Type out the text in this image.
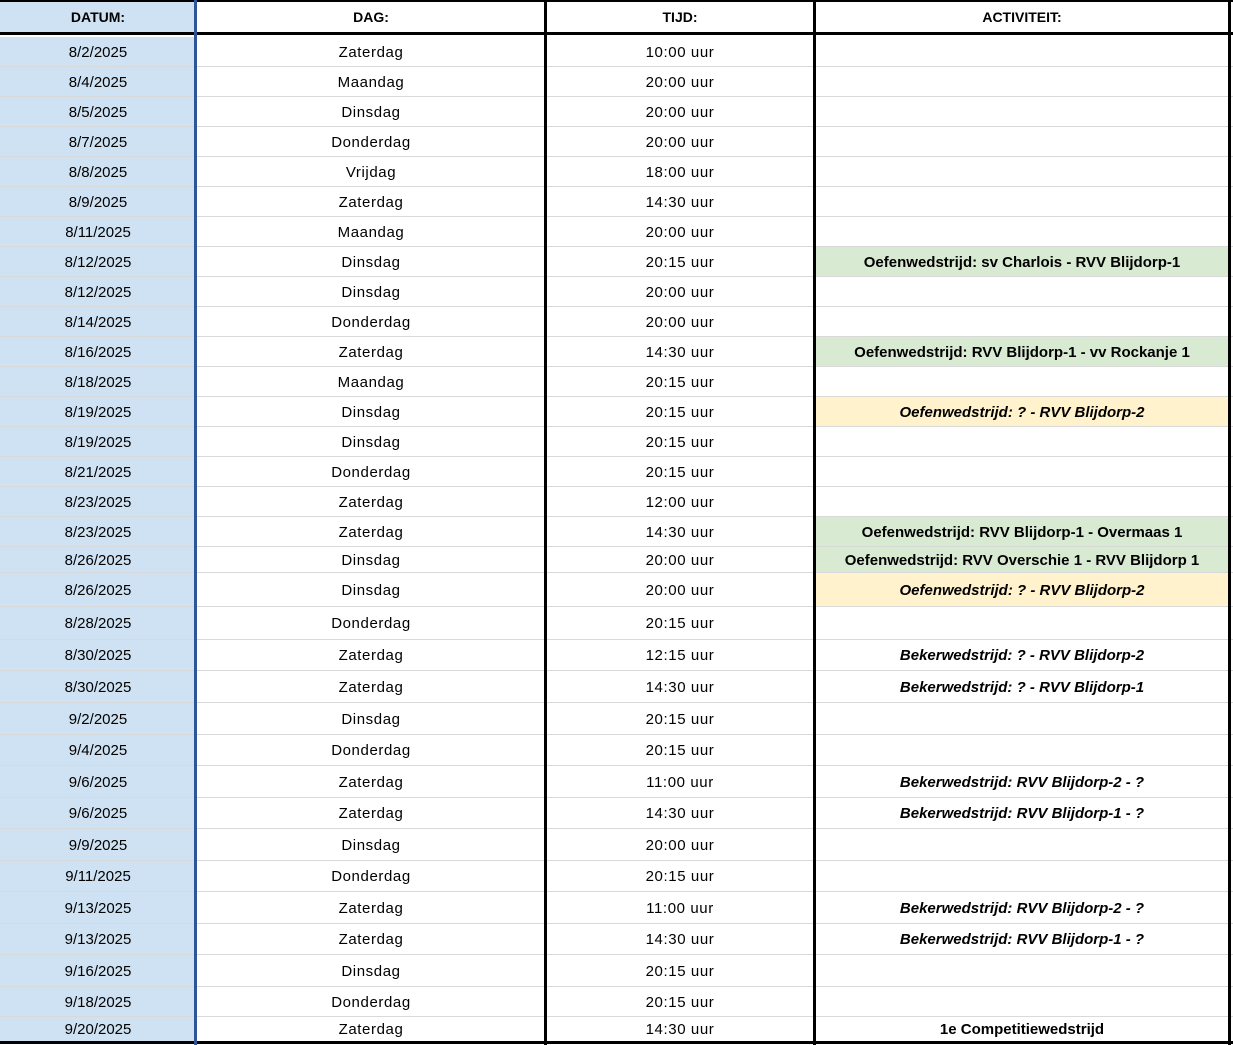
DATUM:	DAG:	TIJD:	ACTIVITEIT:
8/2/2025	Zaterdag	10:00 uur
8/4/2025	Maandag	20:00 uur
8/5/2025	Dinsdag	20:00 uur
8/7/2025	Donderdag	20:00 uur
8/8/2025	Vrijdag	18:00 uur
8/9/2025	Zaterdag	14:30 uur
8/11/2025	Maandag	20:00 uur
8/12/2025	Dinsdag	20:15 uur	Oefenwedstrijd: sv Charlois - RVV Blijdorp-1
8/12/2025	Dinsdag	20:00 uur
8/14/2025	Donderdag	20:00 uur
8/16/2025	Zaterdag	14:30 uur	Oefenwedstrijd: RVV Blijdorp-1 - vv Rockanje 1
8/18/2025	Maandag	20:15 uur
8/19/2025	Dinsdag	20:15 uur	Oefenwedstrijd: ? - RVV Blijdorp-2
8/19/2025	Dinsdag	20:15 uur
8/21/2025	Donderdag	20:15 uur
8/23/2025	Zaterdag	12:00 uur
8/23/2025	Zaterdag	14:30 uur	Oefenwedstrijd: RVV Blijdorp-1 - Overmaas 1
8/26/2025	Dinsdag	20:00 uur	Oefenwedstrijd: RVV Overschie 1 - RVV Blijdorp 1
8/26/2025	Dinsdag	20:00 uur	Oefenwedstrijd: ? - RVV Blijdorp-2
8/28/2025	Donderdag	20:15 uur
8/30/2025	Zaterdag	12:15 uur	Bekerwedstrijd: ? - RVV Blijdorp-2
8/30/2025	Zaterdag	14:30 uur	Bekerwedstrijd: ? - RVV Blijdorp-1
9/2/2025	Dinsdag	20:15 uur
9/4/2025	Donderdag	20:15 uur
9/6/2025	Zaterdag	11:00 uur	Bekerwedstrijd: RVV Blijdorp-2 - ?
9/6/2025	Zaterdag	14:30 uur	Bekerwedstrijd: RVV Blijdorp-1 - ?
9/9/2025	Dinsdag	20:00 uur
9/11/2025	Donderdag	20:15 uur
9/13/2025	Zaterdag	11:00 uur	Bekerwedstrijd: RVV Blijdorp-2 - ?
9/13/2025	Zaterdag	14:30 uur	Bekerwedstrijd: RVV Blijdorp-1 - ?
9/16/2025	Dinsdag	20:15 uur
9/18/2025	Donderdag	20:15 uur
9/20/2025	Zaterdag	14:30 uur	1e Competitiewedstrijd
